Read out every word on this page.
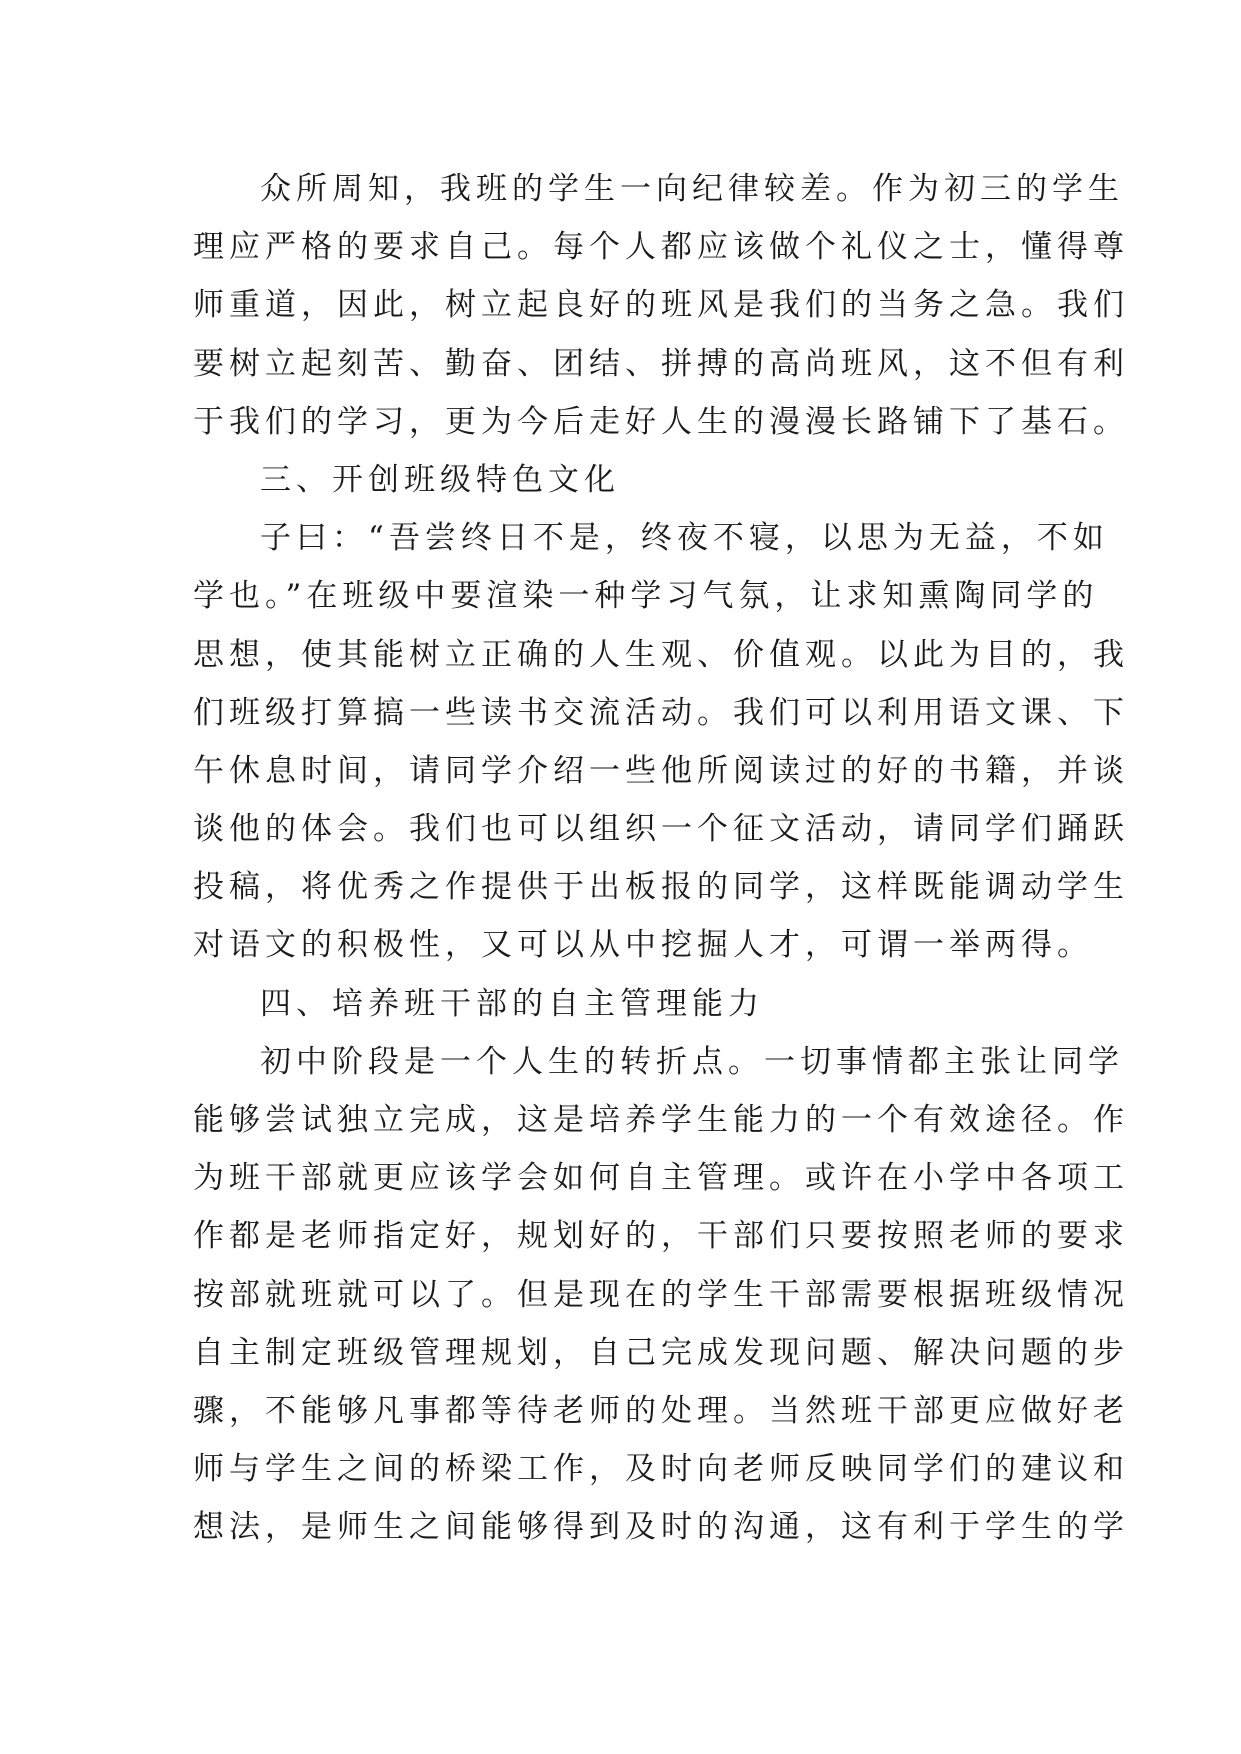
众所周知，我班的学生一向纪律较差。作为初三的学生
理应严格的要求自己。每个人都应该做个礼仪之士，懂得尊
师重道，因此，树立起良好的班风是我们的当务之急。我们
要树立起刻苦、勤奋、团结、拼搏的高尚班风，这不但有利
于我们的学习，更为今后走好人生的漫漫长路铺下了基石。
三、开创班级特色文化
子曰：“吾尝终日不是，终夜不寝，以思为无益，不如
学也。”在班级中要渲染一种学习气氛，让求知熏陶同学的
思想，使其能树立正确的人生观、价值观。以此为目的，我
们班级打算搞一些读书交流活动。我们可以利用语文课、下
午休息时间，请同学介绍一些他所阅读过的好的书籍，并谈
谈他的体会。我们也可以组织一个征文活动，请同学们踊跃
投稿，将优秀之作提供于出板报的同学，这样既能调动学生
对语文的积极性，又可以从中挖掘人才，可谓一举两得。
四、培养班干部的自主管理能力
初中阶段是一个人生的转折点。一切事情都主张让同学
能够尝试独立完成，这是培养学生能力的一个有效途径。作
为班干部就更应该学会如何自主管理。或许在小学中各项工
作都是老师指定好，规划好的，干部们只要按照老师的要求
按部就班就可以了。但是现在的学生干部需要根据班级情况
自主制定班级管理规划，自己完成发现问题、解决问题的步
骤，不能够凡事都等待老师的处理。当然班干部更应做好老
师与学生之间的桥梁工作，及时向老师反映同学们的建议和
想法，是师生之间能够得到及时的沟通，这有利于学生的学
